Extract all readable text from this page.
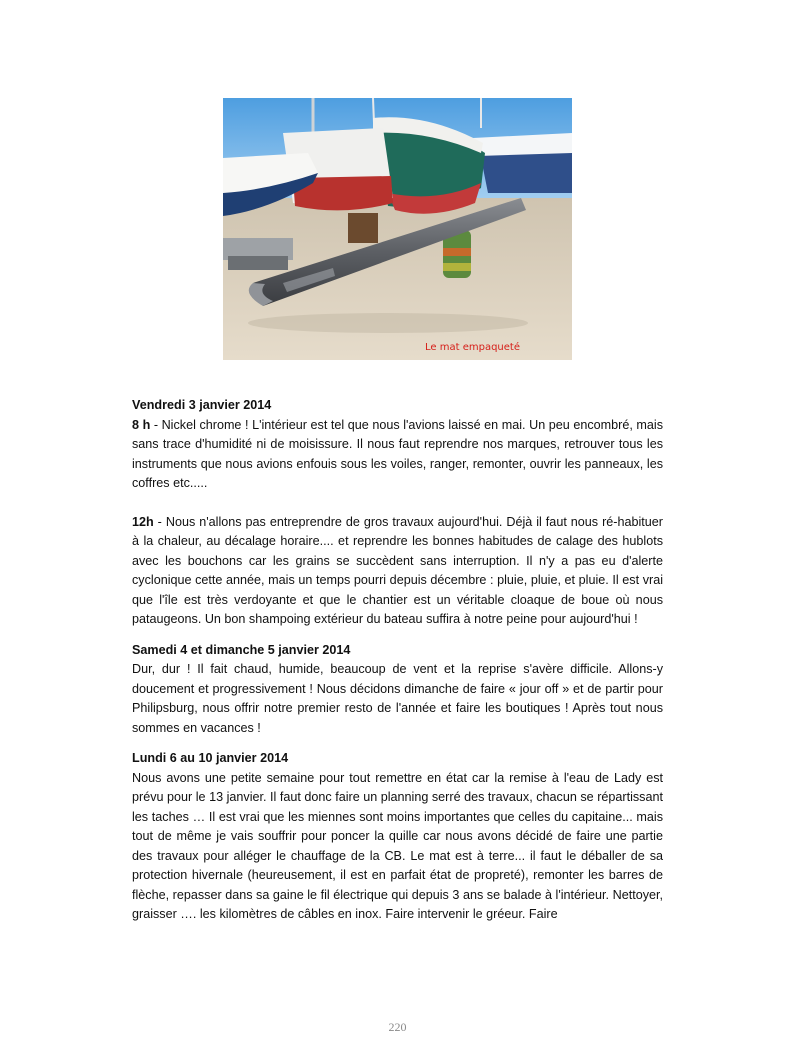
Le mat empaqueté
Vendredi 3 janvier 2014

8 h - Nickel chrome ! L'intérieur est tel que nous l'avions laissé en mai. Un peu encombré, mais sans trace d'humidité ni de moisissure. Il nous faut reprendre nos marques, retrouver tous les instruments que nous avions enfouis sous les voiles, ranger, remonter, ouvrir les panneaux, les coffres etc.....

12h - Nous n'allons pas entreprendre de gros travaux aujourd'hui. Déjà il faut nous ré-habituer à la chaleur, au décalage horaire.... et reprendre les bonnes habitudes de calage des hublots avec les bouchons car les grains se succèdent sans interruption. Il n'y a pas eu d'alerte cyclonique cette année, mais un temps pourri depuis décembre : pluie, pluie, et pluie. Il est vrai que l'île est très verdoyante et que le chantier est un véritable cloaque de boue où nous pataugeons. Un bon shampoing extérieur du bateau suffira à notre peine pour aujourd'hui !

Samedi 4 et dimanche 5 janvier 2014

Dur, dur ! Il fait chaud, humide, beaucoup de vent et la reprise s'avère difficile. Allons-y doucement et progressivement ! Nous décidons dimanche de faire « jour off » et de partir pour Philipsburg, nous offrir notre premier resto de l'année et faire les boutiques ! Après tout nous sommes en vacances !

Lundi 6 au 10 janvier 2014

Nous avons une petite semaine pour tout remettre en état car la remise à l'eau de Lady est prévu pour le 13 janvier. Il faut donc faire un planning serré des travaux, chacun se répartissant les taches … Il est vrai que les miennes sont moins importantes que celles du capitaine... mais tout de même je vais souffrir pour poncer la quille car nous avons décidé de faire une partie des travaux pour alléger le chauffage de la CB. Le mat est à terre... il faut le déballer de sa protection hivernale (heureusement, il est en parfait état de propreté), remonter les barres de flèche, repasser dans sa gaine le fil électrique qui depuis 3 ans se balade à l'intérieur. Nettoyer, graisser …. les kilomètres de câbles en inox. Faire intervenir le gréeur. Faire

220
